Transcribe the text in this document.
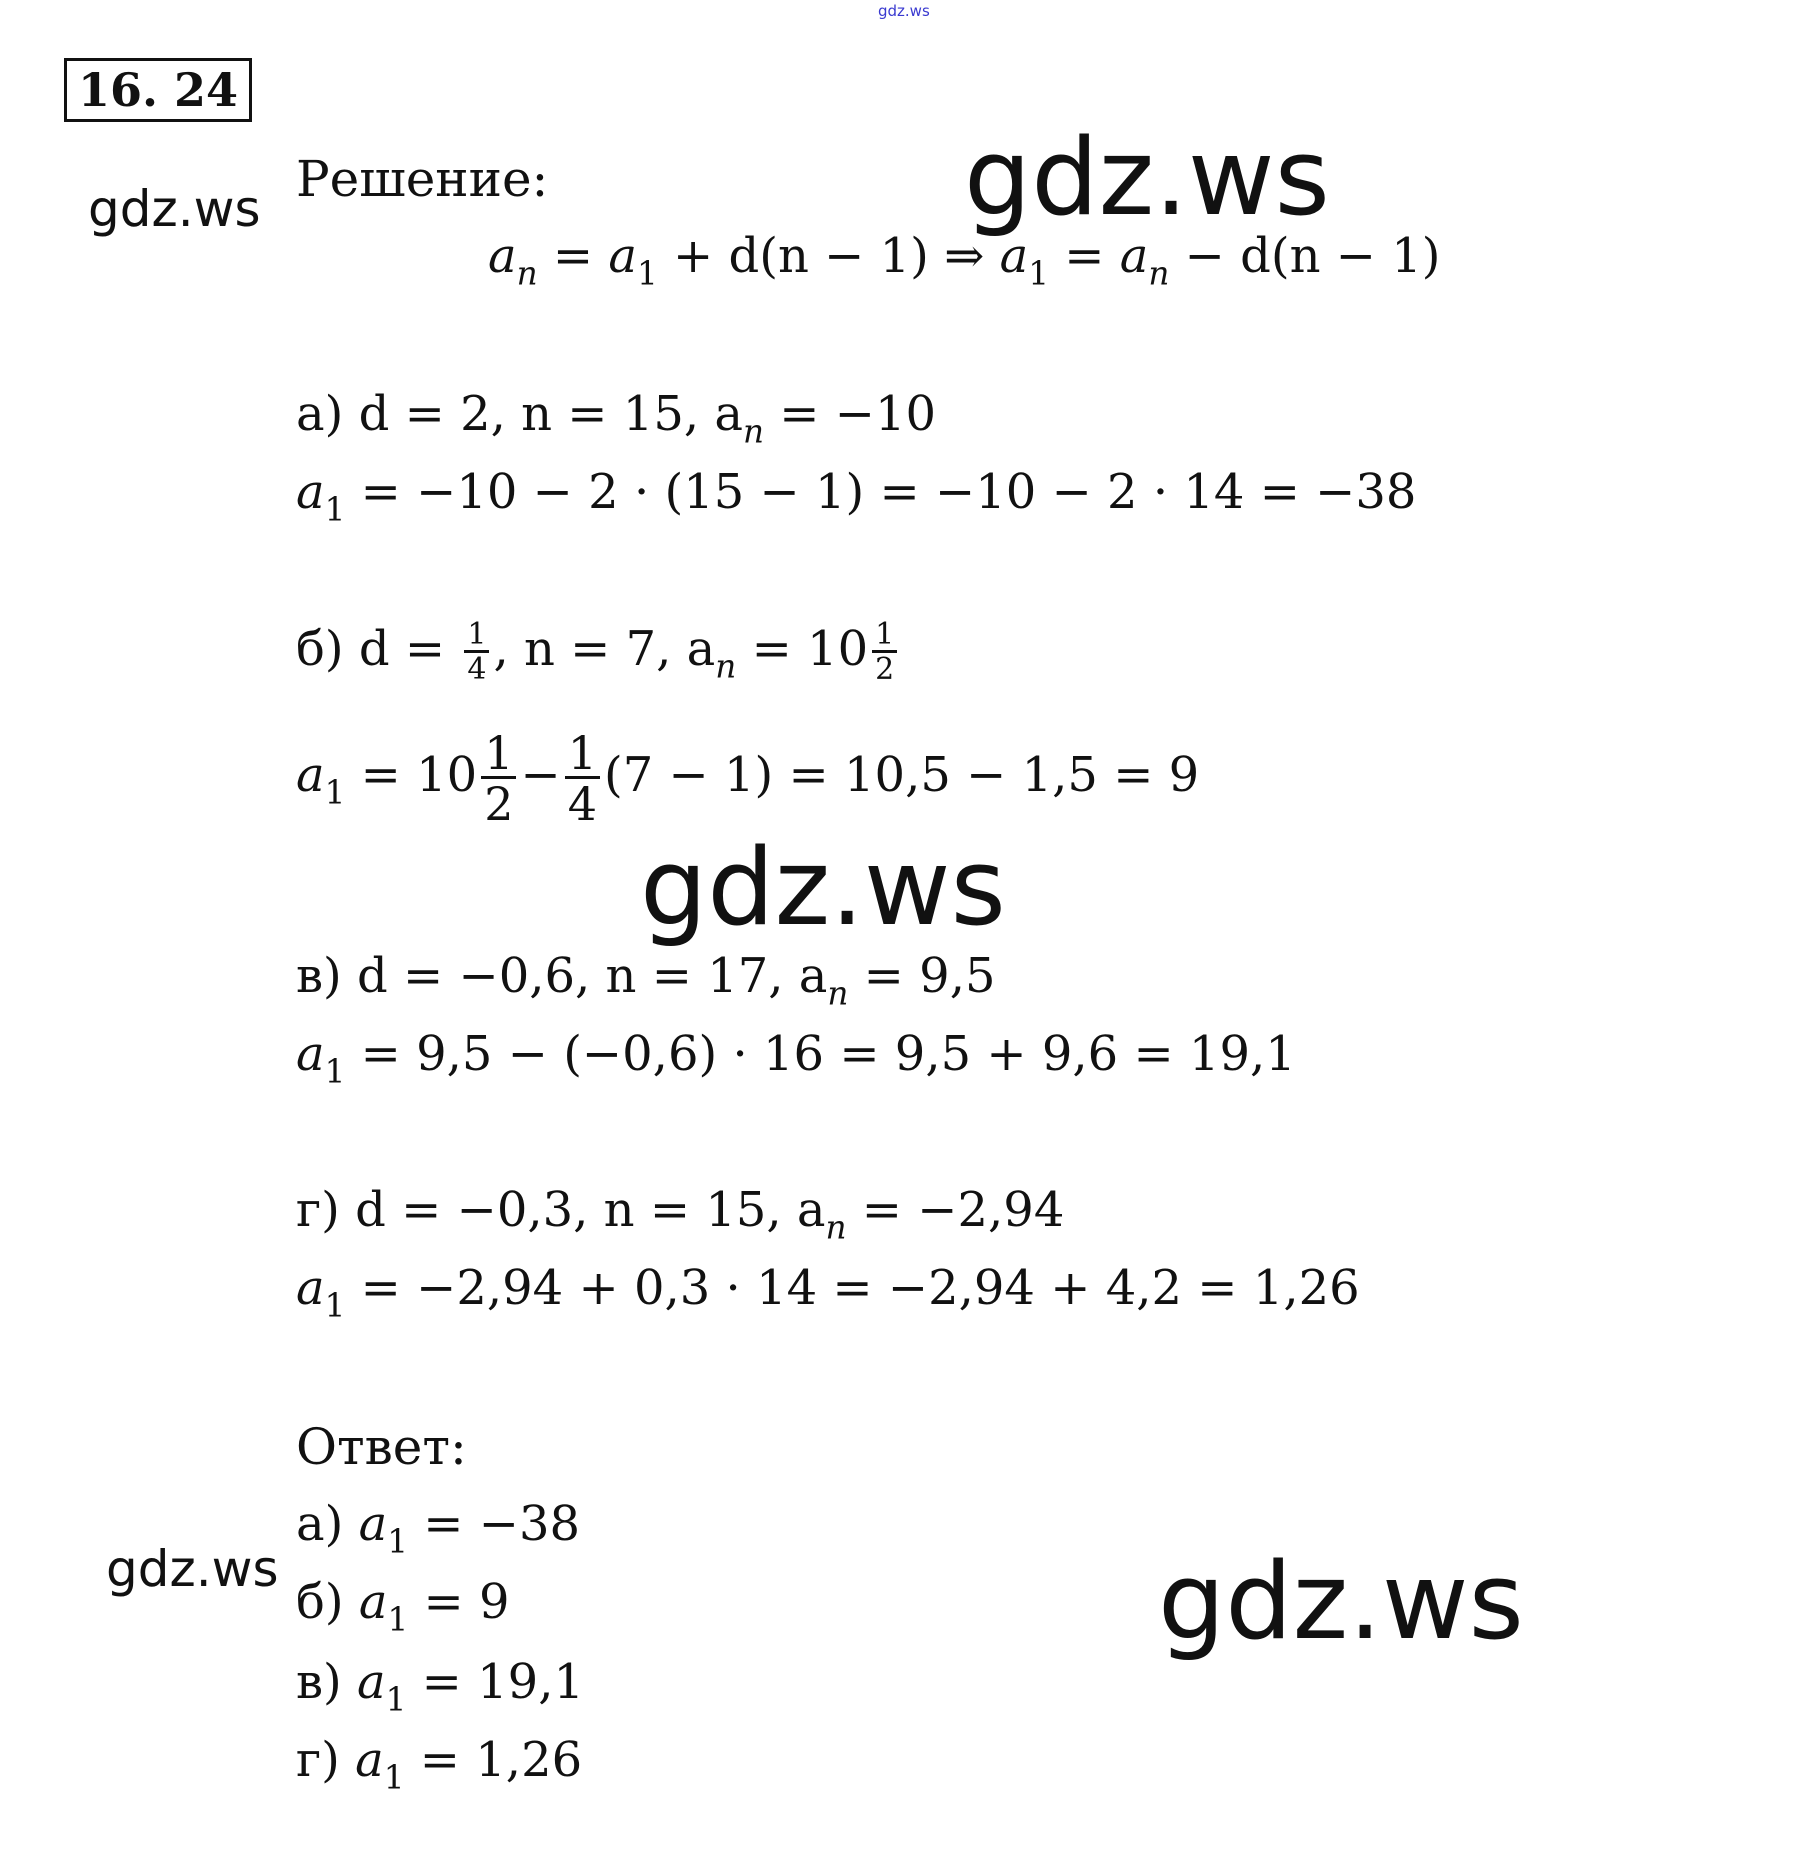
gdz.ws
16. 24
gdz.ws	gdz.ws
gdz.ws
gdz.ws	gdz.ws
Решение:
$a_n = a_1 + d(n - 1)$ ⇒ $a_1 = a_n - d(n - 1)$
а) d = 2, n = 15, $a_n = -10$
$a_1 = -10 - 2 \cdot (15 - 1) = -10 - 2 \cdot 14 = -38$
б) $d = \frac{1}{4}$ , n = 7, $a_n = 10 \frac{1}{2}$
$a_1 = 10 \frac{1}{2} - \frac{1}{4} (7 - 1) = 10,5 - 1,5 = 9$
в) d = −0,6, n = 17, $a_n = 9,5$
$a_1 = 9,5 - (-0,6) \cdot 16 = 9,5 + 9,6 = 19,1$
г) d = −0,3, n = 15, $a_n = -2,94$
$a_1 = -2,94 + 0,3 \cdot 14 = -2,94 + 4,2 = 1,26$
Ответ:
а) $a_1 = -38$
б) $a_1 = 9$
в) $a_1 = 19,1$
г) $a_1 = 1,26$
